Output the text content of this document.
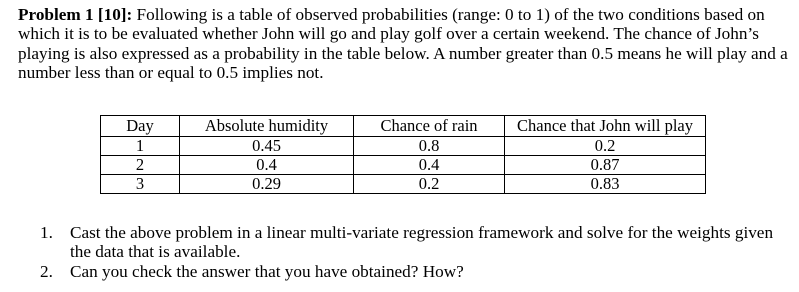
Problem 1 [10]: Following is a table of observed probabilities (range: 0 to 1) of the two conditions based on which it is to be evaluated whether John will go and play golf over a certain weekend. The chance of John’s playing is also expressed as a probability in the table below. A number greater than 0.5 means he will play and a number less than or equal to 0.5 implies not.

Day	Absolute humidity	Chance of rain	Chance that John will play
1	0.45	0.8	0.2
2	0.4	0.4	0.87
3	0.29	0.2	0.83
1. Cast the above problem in a linear multi-variate regression framework and solve for the weights given the data that is available.
2. Can you check the answer that you have obtained? How?
